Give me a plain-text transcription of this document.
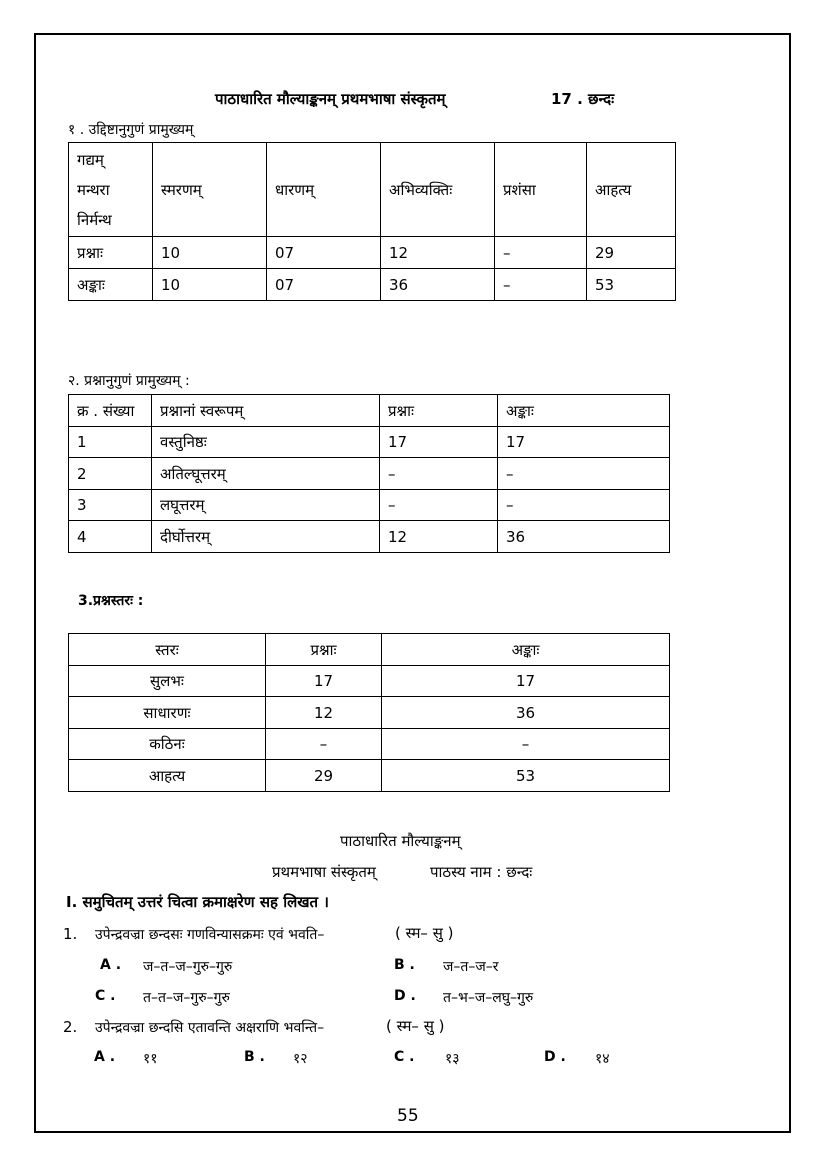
पाठाधारित मौल्याङ्कनम् प्रथमभाषा संस्कृतम्	17 . छन्दः
१ . उद्दिष्टानुगुणं प्रामुख्यम्
गद्यम्
मन्थरा
निर्मन्थ	स्मरणम्	धारणम्	अभिव्यक्तिः	प्रशंसा	आहत्य
प्रश्नाः	10	07	12	–	29
अङ्काः	10	07	36	–	53
२. प्रश्नानुगुणं प्रामुख्यम् :
क्र . संख्या	प्रश्नानां स्वरूपम्	प्रश्नाः	अङ्काः
1	वस्तुनिष्ठः	17	17
2	अतिल्घूत्तरम्	–	–
3	लघूत्तरम्	–	–
4	दीर्घोत्तरम्	12	36
3.प्रश्नस्तरः :
स्तरः	प्रश्नाः	अङ्काः
सुलभः	17	17
साधारणः	12	36
कठिनः	–	–
आहत्य	29	53
पाठाधारित मौल्याङ्कनम्
प्रथमभाषा संस्कृतम्	पाठस्य नाम : छन्दः
I. समुचितम् उत्तरं चित्वा क्रमाक्षरेण सह लिखत ।
1. उपेन्द्रवज्रा छन्दसः गणविन्यासक्रमः एवं भवति–	( स्म– सु )
A . ज–त–ज–गुरु–गुरु	B . ज–त–ज–र
C . त–त–ज–गुरु–गुरु	D . त–भ–ज–लघु–गुरु
2. उपेन्द्रवज्रा छन्दसि एतावन्ति अक्षराणि भवन्ति–	( स्म– सु )
A . ११	B . १२	C . १३	D . १४
55
